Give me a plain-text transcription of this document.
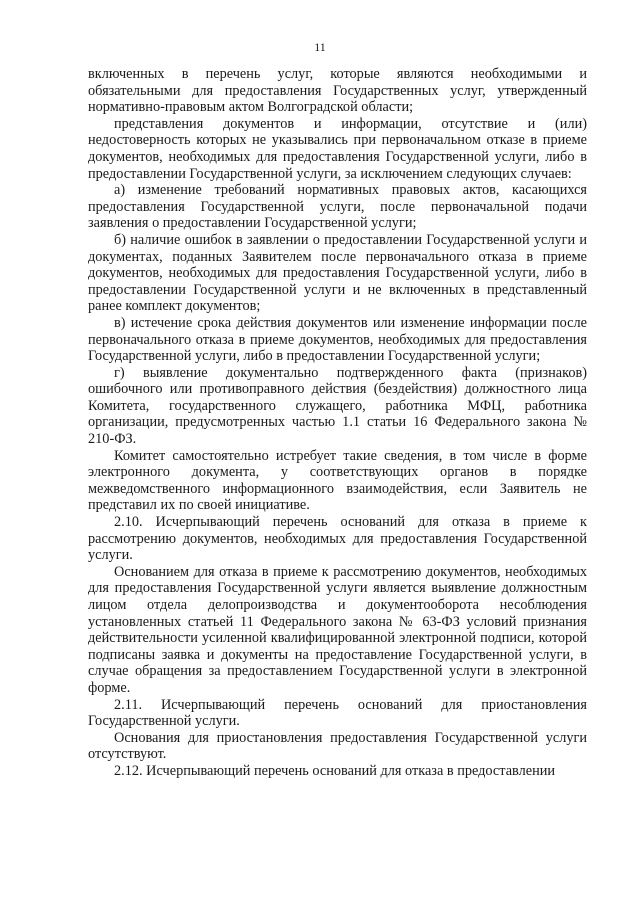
11

включенных в перечень услуг, которые являются необходимыми и обязательными для предоставления Государственных услуг, утвержденный нормативно-правовым актом Волгоградской области;

представления документов и информации, отсутствие и (или) недостоверность которых не указывались при первоначальном отказе в приеме документов, необходимых для предоставления Государственной услуги, либо в предоставлении Государственной услуги, за исключением следующих случаев:

а) изменение требований нормативных правовых актов, касающихся предоставления Государственной услуги, после первоначальной подачи заявления о предоставлении Государственной услуги;

б) наличие ошибок в заявлении о предоставлении Государственной услуги и документах, поданных Заявителем после первоначального отказа в приеме документов, необходимых для предоставления Государственной услуги, либо в предоставлении Государственной услуги и не включенных в представленный ранее комплект документов;

в) истечение срока действия документов или изменение информации после первоначального отказа в приеме документов, необходимых для предоставления Государственной услуги, либо в предоставлении Государственной услуги;

г) выявление документально подтвержденного факта (признаков) ошибочного или противоправного действия (бездействия) должностного лица Комитета, государственного служащего, работника МФЦ, работника организации, предусмотренных частью 1.1 статьи 16 Федерального закона № 210-ФЗ.

Комитет самостоятельно истребует такие сведения, в том числе в форме электронного документа, у соответствующих органов в порядке межведомственного информационного взаимодействия, если Заявитель не представил их по своей инициативе.

2.10. Исчерпывающий перечень оснований для отказа в приеме к рассмотрению документов, необходимых для предоставления Государственной услуги.

Основанием для отказа в приеме к рассмотрению документов, необходимых для предоставления Государственной услуги является выявление должностным лицом отдела делопроизводства и документооборота несоблюдения установленных статьей 11 Федерального закона № 63-ФЗ условий признания действительности усиленной квалифицированной электронной подписи, которой подписаны заявка и документы на предоставление Государственной услуги, в случае обращения за предоставлением Государственной услуги в электронной форме.

2.11. Исчерпывающий перечень оснований для приостановления Государственной услуги.

Основания для приостановления предоставления Государственной услуги отсутствуют.

2.12. Исчерпывающий перечень оснований для отказа в предоставлении
